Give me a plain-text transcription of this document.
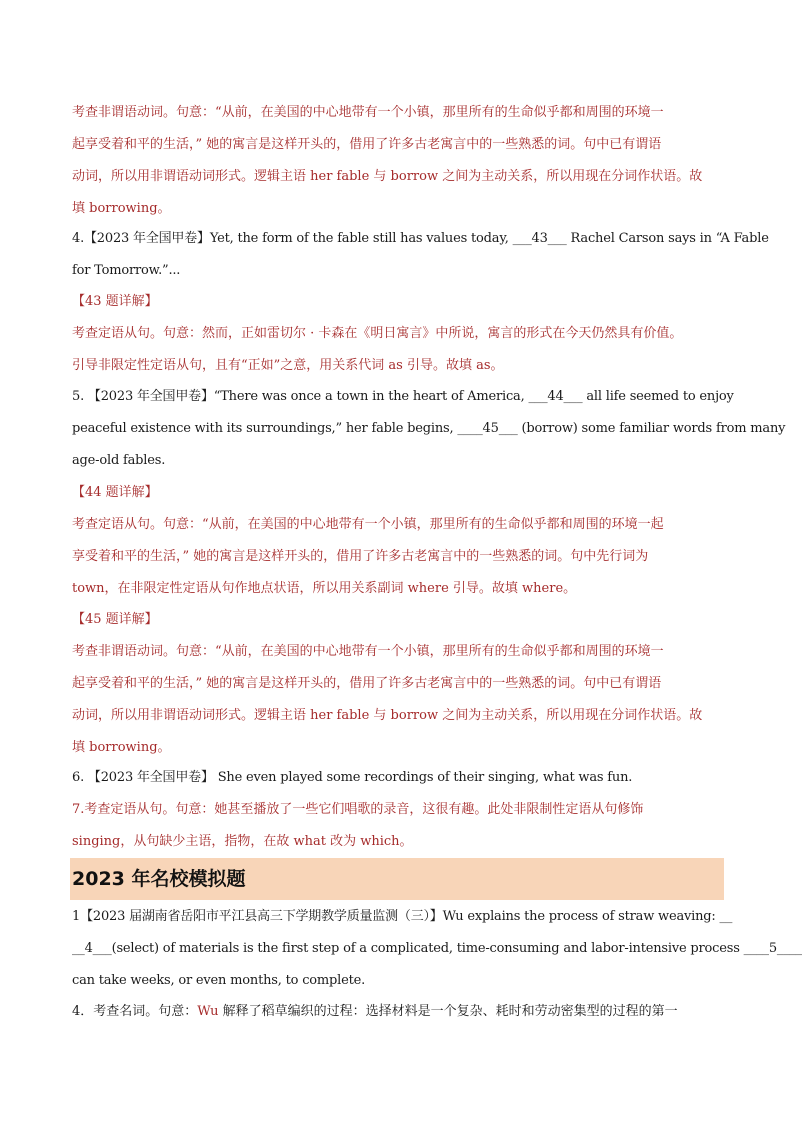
考查非谓语动词。句意：“从前，在美国的中心地带有一个小镇，那里所有的生命似乎都和周围的环境一
起享受着和平的生活，” 她的寓言是这样开头的，借用了许多古老寓言中的一些熟悉的词。句中已有谓语
动词，所以用非谓语动词形式。逻辑主语 her fable 与 borrow 之间为主动关系，所以用现在分词作状语。故
填 borrowing。
4.【2023 年全国甲卷】Yet, the form of the fable still has values today, ___43___ Rachel Carson says in “A Fable
for Tomorrow.”...
【43 题详解】
考查定语从句。句意：然而，正如雷切尔 · 卡森在《明日寓言》中所说，寓言的形式在今天仍然具有价值。
引导非限定性定语从句，且有“正如”之意，用关系代词 as 引导。故填 as。
5. 【2023 年全国甲卷】“There was once a town in the heart of America, ___44___ all life seemed to enjoy
peaceful existence with its surroundings,” her fable begins, ____45___ (borrow) some familiar words from many
age-old fables.
【44 题详解】
考查定语从句。句意：“从前，在美国的中心地带有一个小镇，那里所有的生命似乎都和周围的环境一起
享受着和平的生活，” 她的寓言是这样开头的，借用了许多古老寓言中的一些熟悉的词。句中先行词为
town，在非限定性定语从句作地点状语，所以用关系副词 where 引导。故填 where。
【45 题详解】
考查非谓语动词。句意：“从前，在美国的中心地带有一个小镇，那里所有的生命似乎都和周围的环境一
起享受着和平的生活，” 她的寓言是这样开头的，借用了许多古老寓言中的一些熟悉的词。句中已有谓语
动词，所以用非谓语动词形式。逻辑主语 her fable 与 borrow 之间为主动关系，所以用现在分词作状语。故
填 borrowing。
6. 【2023 年全国甲卷】 She even played some recordings of their singing, what was fun.
7.考查定语从句。句意：她甚至播放了一些它们唱歌的录音，这很有趣。此处非限制性定语从句修饰
singing，从句缺少主语，指物，在故 what 改为 which。
2023 年名校模拟题
1【2023 届湖南省岳阳市平江县高三下学期教学质量监测（三）】Wu explains the process of straw weaving: __
__4___(select) of materials is the first step of a complicated, time-consuming and labor-intensive process ____5____
can take weeks, or even months, to complete.
4．考查名词。句意：Wu 解释了稻草编织的过程：选择材料是一个复杂、耗时和劳动密集型的过程的第一
